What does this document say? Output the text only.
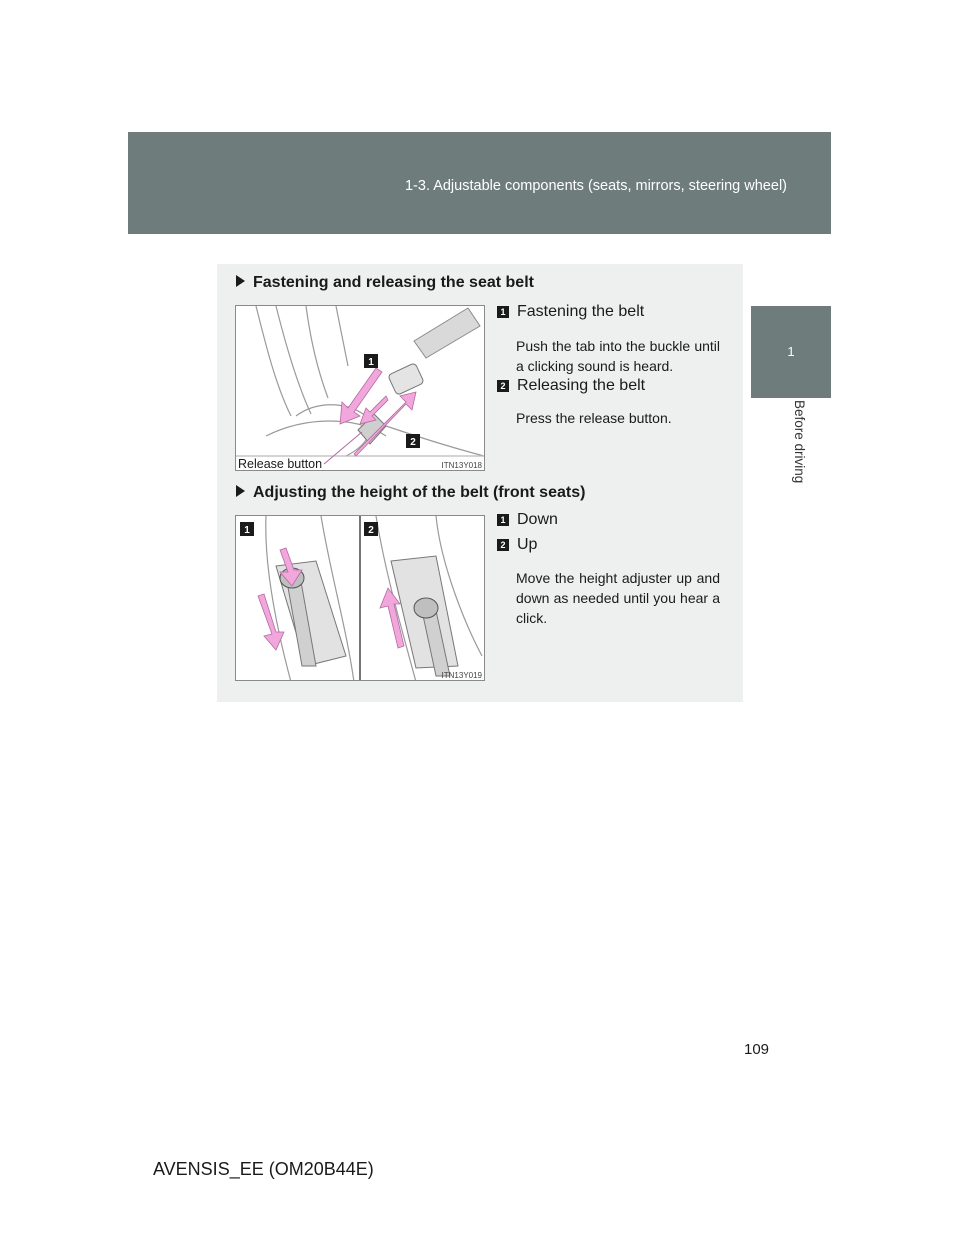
1-3. Adjustable components (seats, mirrors, steering wheel)
1
Before driving
Fastening and releasing the seat belt
1
2
Release button	ITN13Y018
1 Fastening the belt
Push the tab into the buckle until a clicking sound is heard.
2 Releasing the belt
Press the release button.
Adjusting the height of the belt (front seats)
1	2
ITN13Y019
1 Down
2 Up
Move the height adjuster up and down as needed until you hear a click.
109
AVENSIS_EE (OM20B44E)
